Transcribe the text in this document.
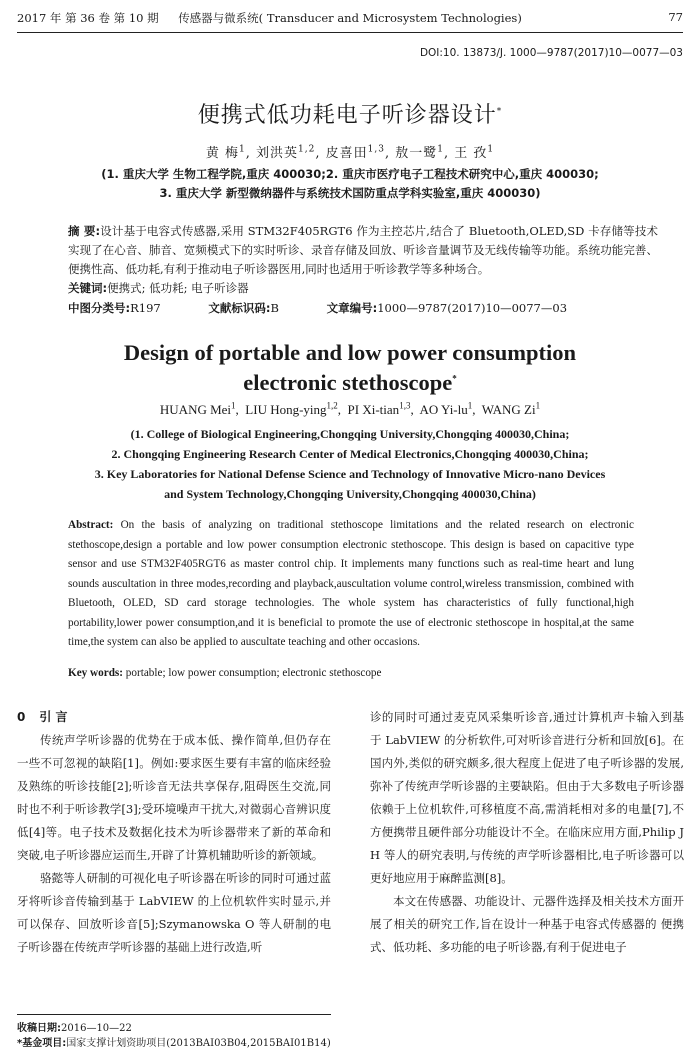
2017 年 第 36 卷 第 10 期	传感器与微系统( Transducer and Microsystem Technologies)	77
DOI:10. 13873/J. 1000—9787(2017)10—0077—03
便携式低功耗电子听诊器设计*
黄 梅$^1$, 刘洪英$^{1,2}$, 皮喜田$^{1,3}$, 敖一鹭$^1$, 王 孜$^1$
(1. 重庆大学 生物工程学院,重庆 400030;2. 重庆市医疗电子工程技术研究中心,重庆 400030;
3. 重庆大学 新型微纳器件与系统技术国防重点学科实验室,重庆 400030)
摘 要:设计基于电容式传感器,采用 STM32F405RGT6 作为主控芯片,结合了 Bluetooth,OLED,SD 卡存储等技术实现了在心音、肺音、宽频模式下的实时听诊、录音存储及回放、听诊音量调节及无线传输等功能。系统功能完善、便携性高、低功耗,有利于推动电子听诊器医用,同时也适用于听诊教学等多种场合。
关键词:便携式; 低功耗; 电子听诊器
中图分类号:R197	文献标识码:B	文章编号:1000—9787(2017)10—0077—03
Design of portable and low power consumption
electronic stethoscope*
HUANG Mei$^1$,  LIU Hong-ying$^{1,2}$,  PI Xi-tian$^{1,3}$,  AO $Yi-lu^1$,  WANG Zi$^1$
(1. College of Biological Engineering,Chongqing University,Chongqing 400030,China;
2. Chongqing Engineering Research Center of Medical Electronics,Chongqing 400030,China;
3. Key Laboratories for National Defense Science and Technology of Innovative Micro-nano Devices
and System Technology,Chongqing University,Chongqing 400030,China)
Abstract: On the basis of analyzing on traditional stethoscope limitations and the related research on electronic stethoscope,design a portable and low power consumption electronic stethoscope. This design is based on capacitive type sensor and use STM32F405RGT6 as master control chip. It implements many functions such as real-time heart and lung sounds auscultation in three modes,recording and playback,auscultation volume control,wireless transmission, combined with Bluetooth, OLED, SD card storage technologies. The whole system has characteristics of fully functional,high portability,lower power consumption,and it is beneficial to promote the use of electronic stethoscope in hospital,at the same time,the system can also be applied to auscultate teaching and other occasions.
Key words: portable; low power consumption; electronic stethoscope
0 引 言

传统声学听诊器的优势在于成本低、操作简单,但仍存在一些不可忽视的缺陷[1]。例如:要求医生要有丰富的临床经验及熟练的听诊技能[2];听诊音无法共享保存,阻碍医生交流,同时也不利于听诊教学[3];受环境噪声干扰大,对微弱心音辨识度低[4]等。电子技术及数据化技术为听诊器带来了新的革命和突破,电子听诊器应运而生,开辟了计算机辅助听诊的新领域。

骆懿等人研制的可视化电子听诊器在听诊的同时可通过蓝牙将听诊音传输到基于 LabVIEW 的上位机软件实时显示,并可以保存、回放听诊音[5];Szymanowska O 等人研制的电子听诊器在传统声学听诊器的基础上进行改造,听

诊的同时可通过麦克风采集听诊音,通过计算机声卡输入到基于 LabVIEW 的分析软件,可对听诊音进行分析和回放[6]。在国内外,类似的研究颇多,很大程度上促进了电子听诊器的发展,弥补了传统声学听诊器的主要缺陷。但由于大多数电子听诊器依赖于上位机软件,可移植度不高,需消耗相对多的电量[7],不方便携带且硬件部分功能设计不全。在临床应用方面,Philip J H 等人的研究表明,与传统的声学听诊器相比,电子听诊器可以更好地应用于麻醉监测[8]。

本文在传感器、功能设计、元器件选择及相关技术方面开展了相关的研究工作,旨在设计一种基于电容式传感器的 便携式、低功耗、多功能的电子听诊器,有利于促进电子

收稿日期:2016—10—22
*基金项目:国家支撑计划资助项目(2013BAI03B04,2015BAI01B14)
